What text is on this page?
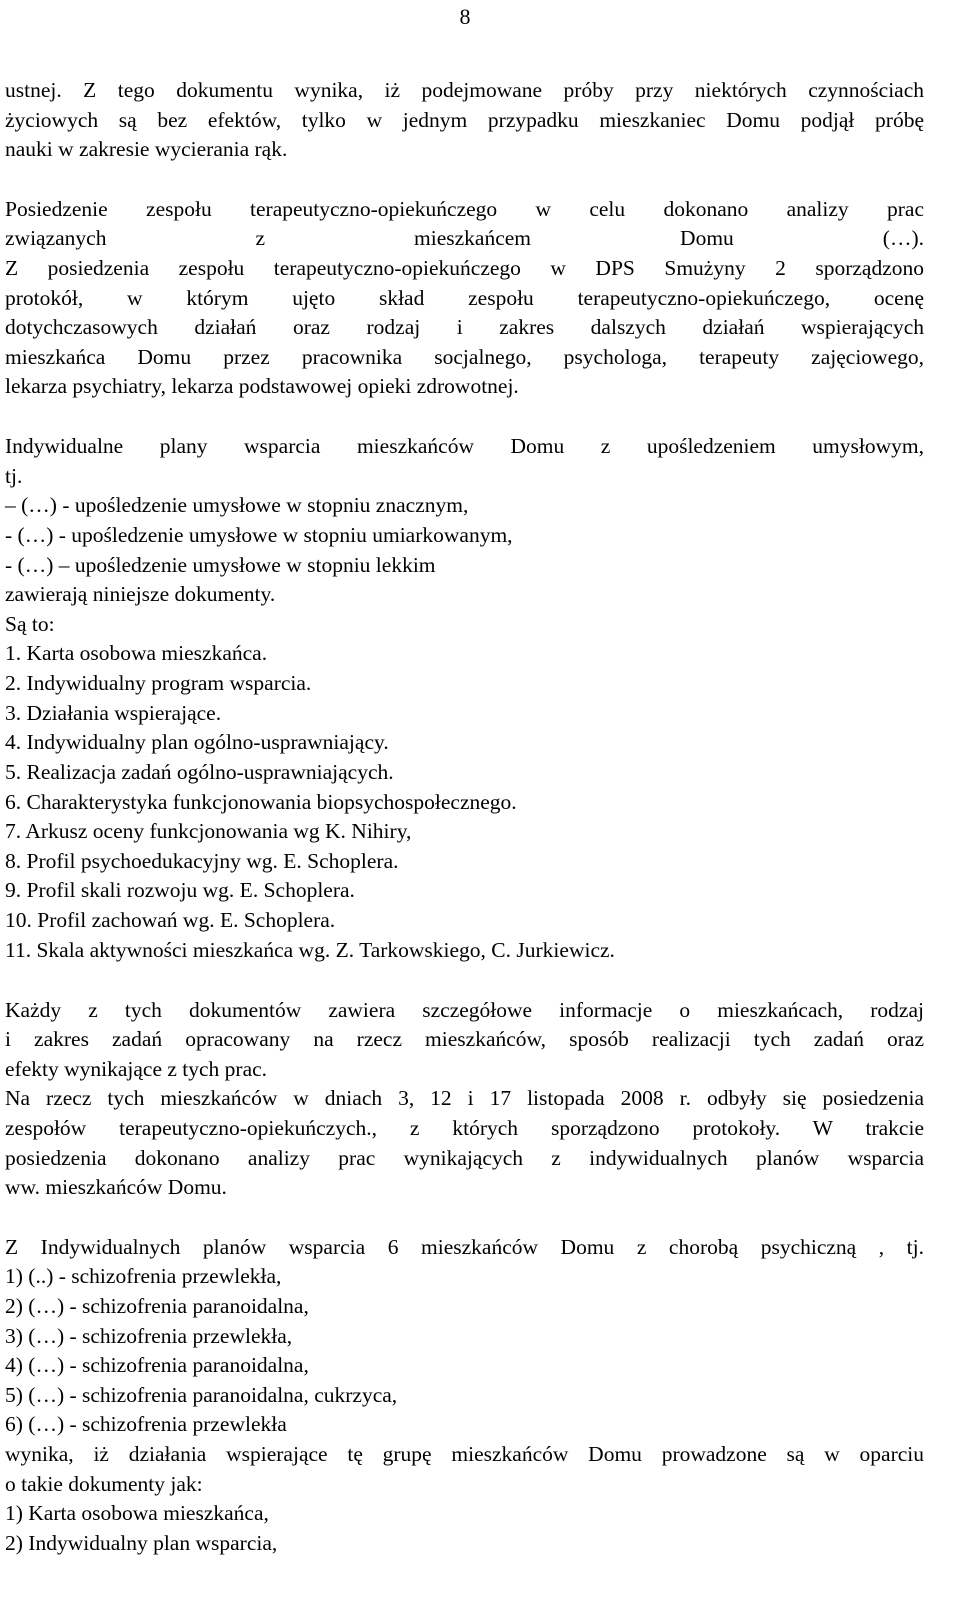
8
ustnej. Z tego dokumentu wynika, iż podejmowane próby przy niektórych czynnościach
życiowych są bez efektów, tylko w jednym przypadku mieszkaniec Domu podjął próbę
nauki w zakresie wycierania rąk.
Posiedzenie zespołu terapeutyczno-opiekuńczego w celu dokonano analizy prac
związanych z mieszkańcem Domu (…).
Z posiedzenia zespołu terapeutyczno-opiekuńczego w DPS Smużyny 2 sporządzono
protokół, w którym ujęto skład zespołu terapeutyczno-opiekuńczego, ocenę
dotychczasowych działań oraz rodzaj i zakres dalszych działań wspierających
mieszkańca Domu przez pracownika socjalnego, psychologa, terapeuty zajęciowego,
lekarza psychiatry, lekarza podstawowej opieki zdrowotnej.
Indywidualne plany wsparcia mieszkańców Domu z upośledzeniem umysłowym,
tj.
– (…) - upośledzenie umysłowe w stopniu znacznym,
- (…) - upośledzenie umysłowe w stopniu umiarkowanym,
- (…) – upośledzenie umysłowe w stopniu lekkim
zawierają niniejsze dokumenty.
Są to:
1. Karta osobowa mieszkańca.
2. Indywidualny program wsparcia.
3. Działania wspierające.
4. Indywidualny plan ogólno-usprawniający.
5. Realizacja zadań ogólno-usprawniających.
6. Charakterystyka funkcjonowania biopsychospołecznego.
7. Arkusz oceny funkcjonowania wg K. Nihiry,
8. Profil psychoedukacyjny wg. E. Schoplera.
9. Profil skali rozwoju wg. E. Schoplera.
10. Profil zachowań wg. E. Schoplera.
11. Skala aktywności mieszkańca wg. Z. Tarkowskiego, C. Jurkiewicz.
Każdy z tych dokumentów zawiera szczegółowe informacje o mieszkańcach, rodzaj
i zakres zadań opracowany na rzecz mieszkańców, sposób realizacji tych zadań oraz
efekty wynikające z tych prac.
Na rzecz tych mieszkańców w dniach 3, 12 i 17 listopada 2008 r. odbyły się posiedzenia
zespołów terapeutyczno-opiekuńczych., z których sporządzono protokoły. W trakcie
posiedzenia dokonano analizy prac wynikających z indywidualnych planów wsparcia
ww. mieszkańców Domu.
Z Indywidualnych planów wsparcia 6 mieszkańców Domu z chorobą psychiczną , tj.
1) (..) - schizofrenia przewlekła,
2) (…) - schizofrenia paranoidalna,
3) (…) - schizofrenia przewlekła,
4) (…) - schizofrenia paranoidalna,
5) (…) - schizofrenia paranoidalna, cukrzyca,
6) (…) - schizofrenia przewlekła
wynika, iż działania wspierające tę grupę mieszkańców Domu prowadzone są w oparciu
o takie dokumenty jak:
1) Karta osobowa mieszkańca,
2) Indywidualny plan wsparcia,
